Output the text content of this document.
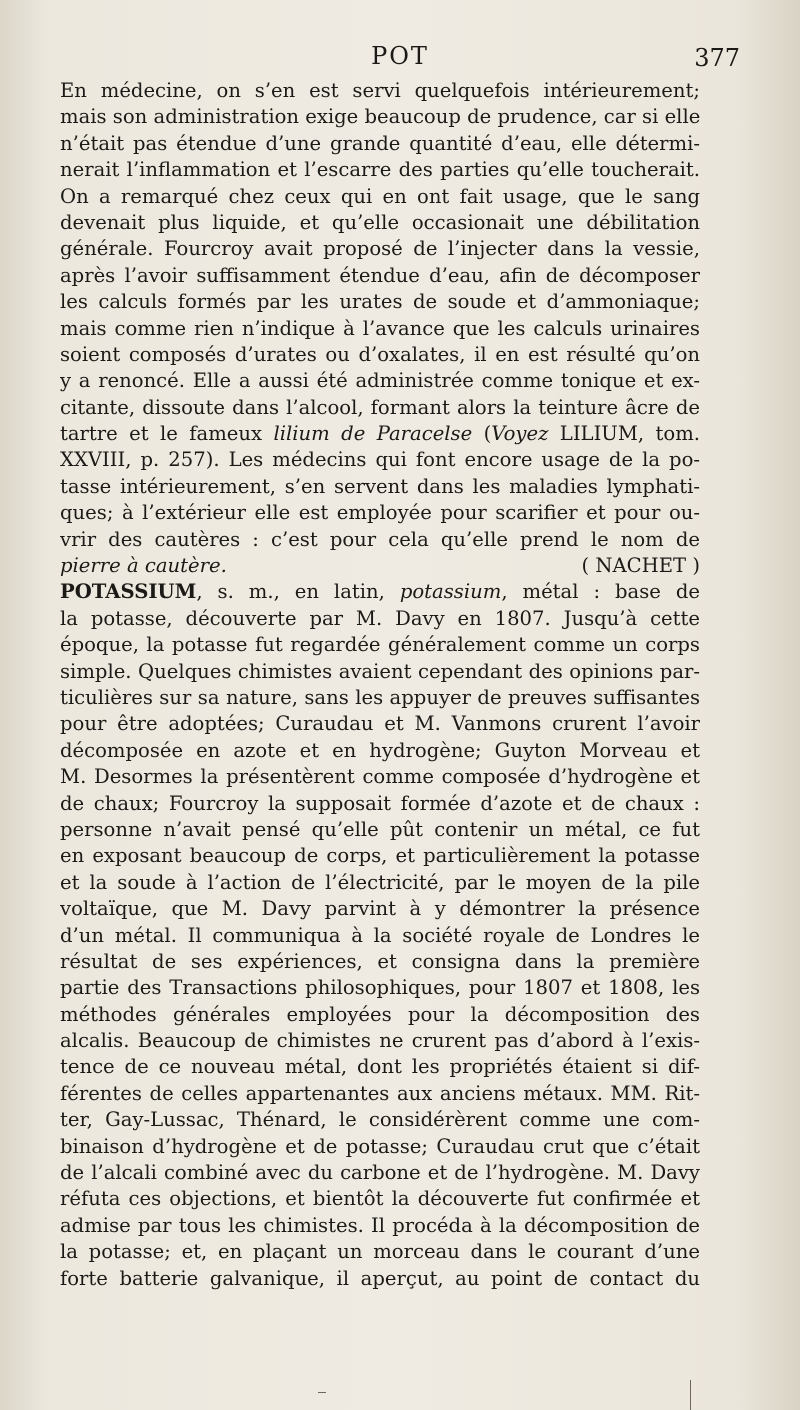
POT	377
En médecine, on s’en est servi quelquefois intérieurement;
mais son administration exige beaucoup de prudence, car si elle
n’était pas étendue d’une grande quantité d’eau, elle détermi-
nerait l’inflammation et l’escarre des parties qu’elle toucherait.
On a remarqué chez ceux qui en ont fait usage, que le sang
devenait plus liquide, et qu’elle occasionait une débilitation
générale. Fourcroy avait proposé de l’injecter dans la vessie,
après l’avoir suffisamment étendue d’eau, afin de décomposer
les calculs formés par les urates de soude et d’ammoniaque;
mais comme rien n’indique à l’avance que les calculs urinaires
soient composés d’urates ou d’oxalates, il en est résulté qu’on
y a renoncé. Elle a aussi été administrée comme tonique et ex-
citante, dissoute dans l’alcool, formant alors la teinture âcre de
tartre et le fameux lilium de Paracelse (Voyez LILIUM, tom.
XXVIII, p. 257). Les médecins qui font encore usage de la po-
tasse intérieurement, s’en servent dans les maladies lymphati-
ques; à l’extérieur elle est employée pour scarifier et pour ou-
vrir des cautères : c’est pour cela qu’elle prend le nom de
pierre à cautère.	( NACHET )
POTASSIUM, s. m., en latin, potassium, métal : base de
la potasse, découverte par M. Davy en 1807. Jusqu’à cette
époque, la potasse fut regardée généralement comme un corps
simple. Quelques chimistes avaient cependant des opinions par-
ticulières sur sa nature, sans les appuyer de preuves suffisantes
pour être adoptées; Curaudau et M. Vanmons crurent l’avoir
décomposée en azote et en hydrogène; Guyton Morveau et
M. Desormes la présentèrent comme composée d’hydrogène et
de chaux; Fourcroy la supposait formée d’azote et de chaux :
personne n’avait pensé qu’elle pût contenir un métal, ce fut
en exposant beaucoup de corps, et particulièrement la potasse
et la soude à l’action de l’électricité, par le moyen de la pile
voltaïque, que M. Davy parvint à y démontrer la présence
d’un métal. Il communiqua à la société royale de Londres le
résultat de ses expériences, et consigna dans la première
partie des Transactions philosophiques, pour 1807 et 1808, les
méthodes générales employées pour la décomposition des
alcalis. Beaucoup de chimistes ne crurent pas d’abord à l’exis-
tence de ce nouveau métal, dont les propriétés étaient si dif-
férentes de celles appartenantes aux anciens métaux. MM. Rit-
ter, Gay-Lussac, Thénard, le considérèrent comme une com-
binaison d’hydrogène et de potasse; Curaudau crut que c’était
de l’alcali combiné avec du carbone et de l’hydrogène. M. Davy
réfuta ces objections, et bientôt la découverte fut confirmée et
admise par tous les chimistes. Il procéda à la décomposition de
la potasse; et, en plaçant un morceau dans le courant d’une
forte batterie galvanique, il aperçut, au point de contact du
